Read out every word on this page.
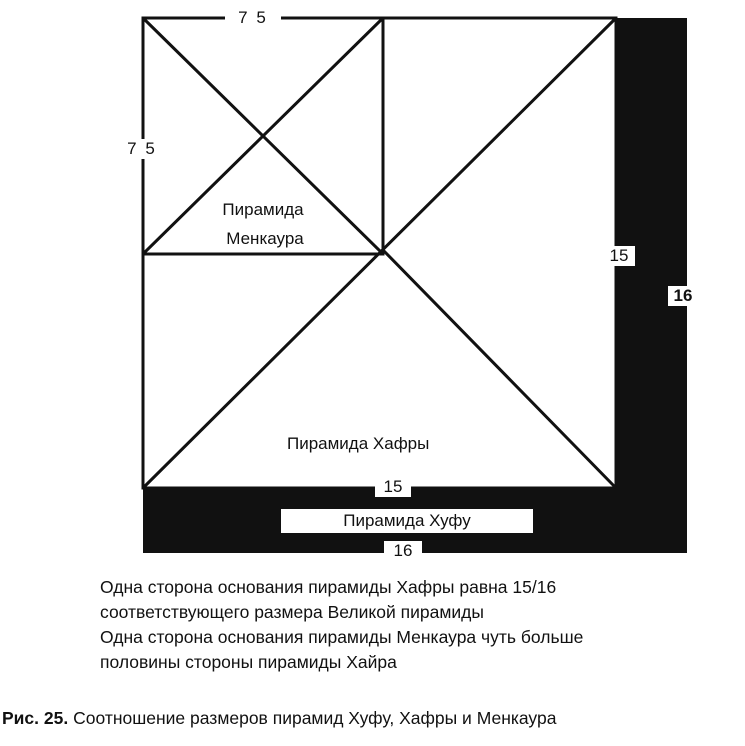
7 5
7 5
Пирамида
Менкаура
15
16
Пирамида Хафры
15
Пирамида Хуфу
16
Одна сторона основания пирамиды Хафры равна 15/16
соответствующего размера Великой пирамиды
Одна сторона основания пирамиды Менкаура чуть больше
половины стороны пирамиды Хайра
Рис. 25. Соотношение размеров пирамид Хуфу, Хафры и Менкаура
